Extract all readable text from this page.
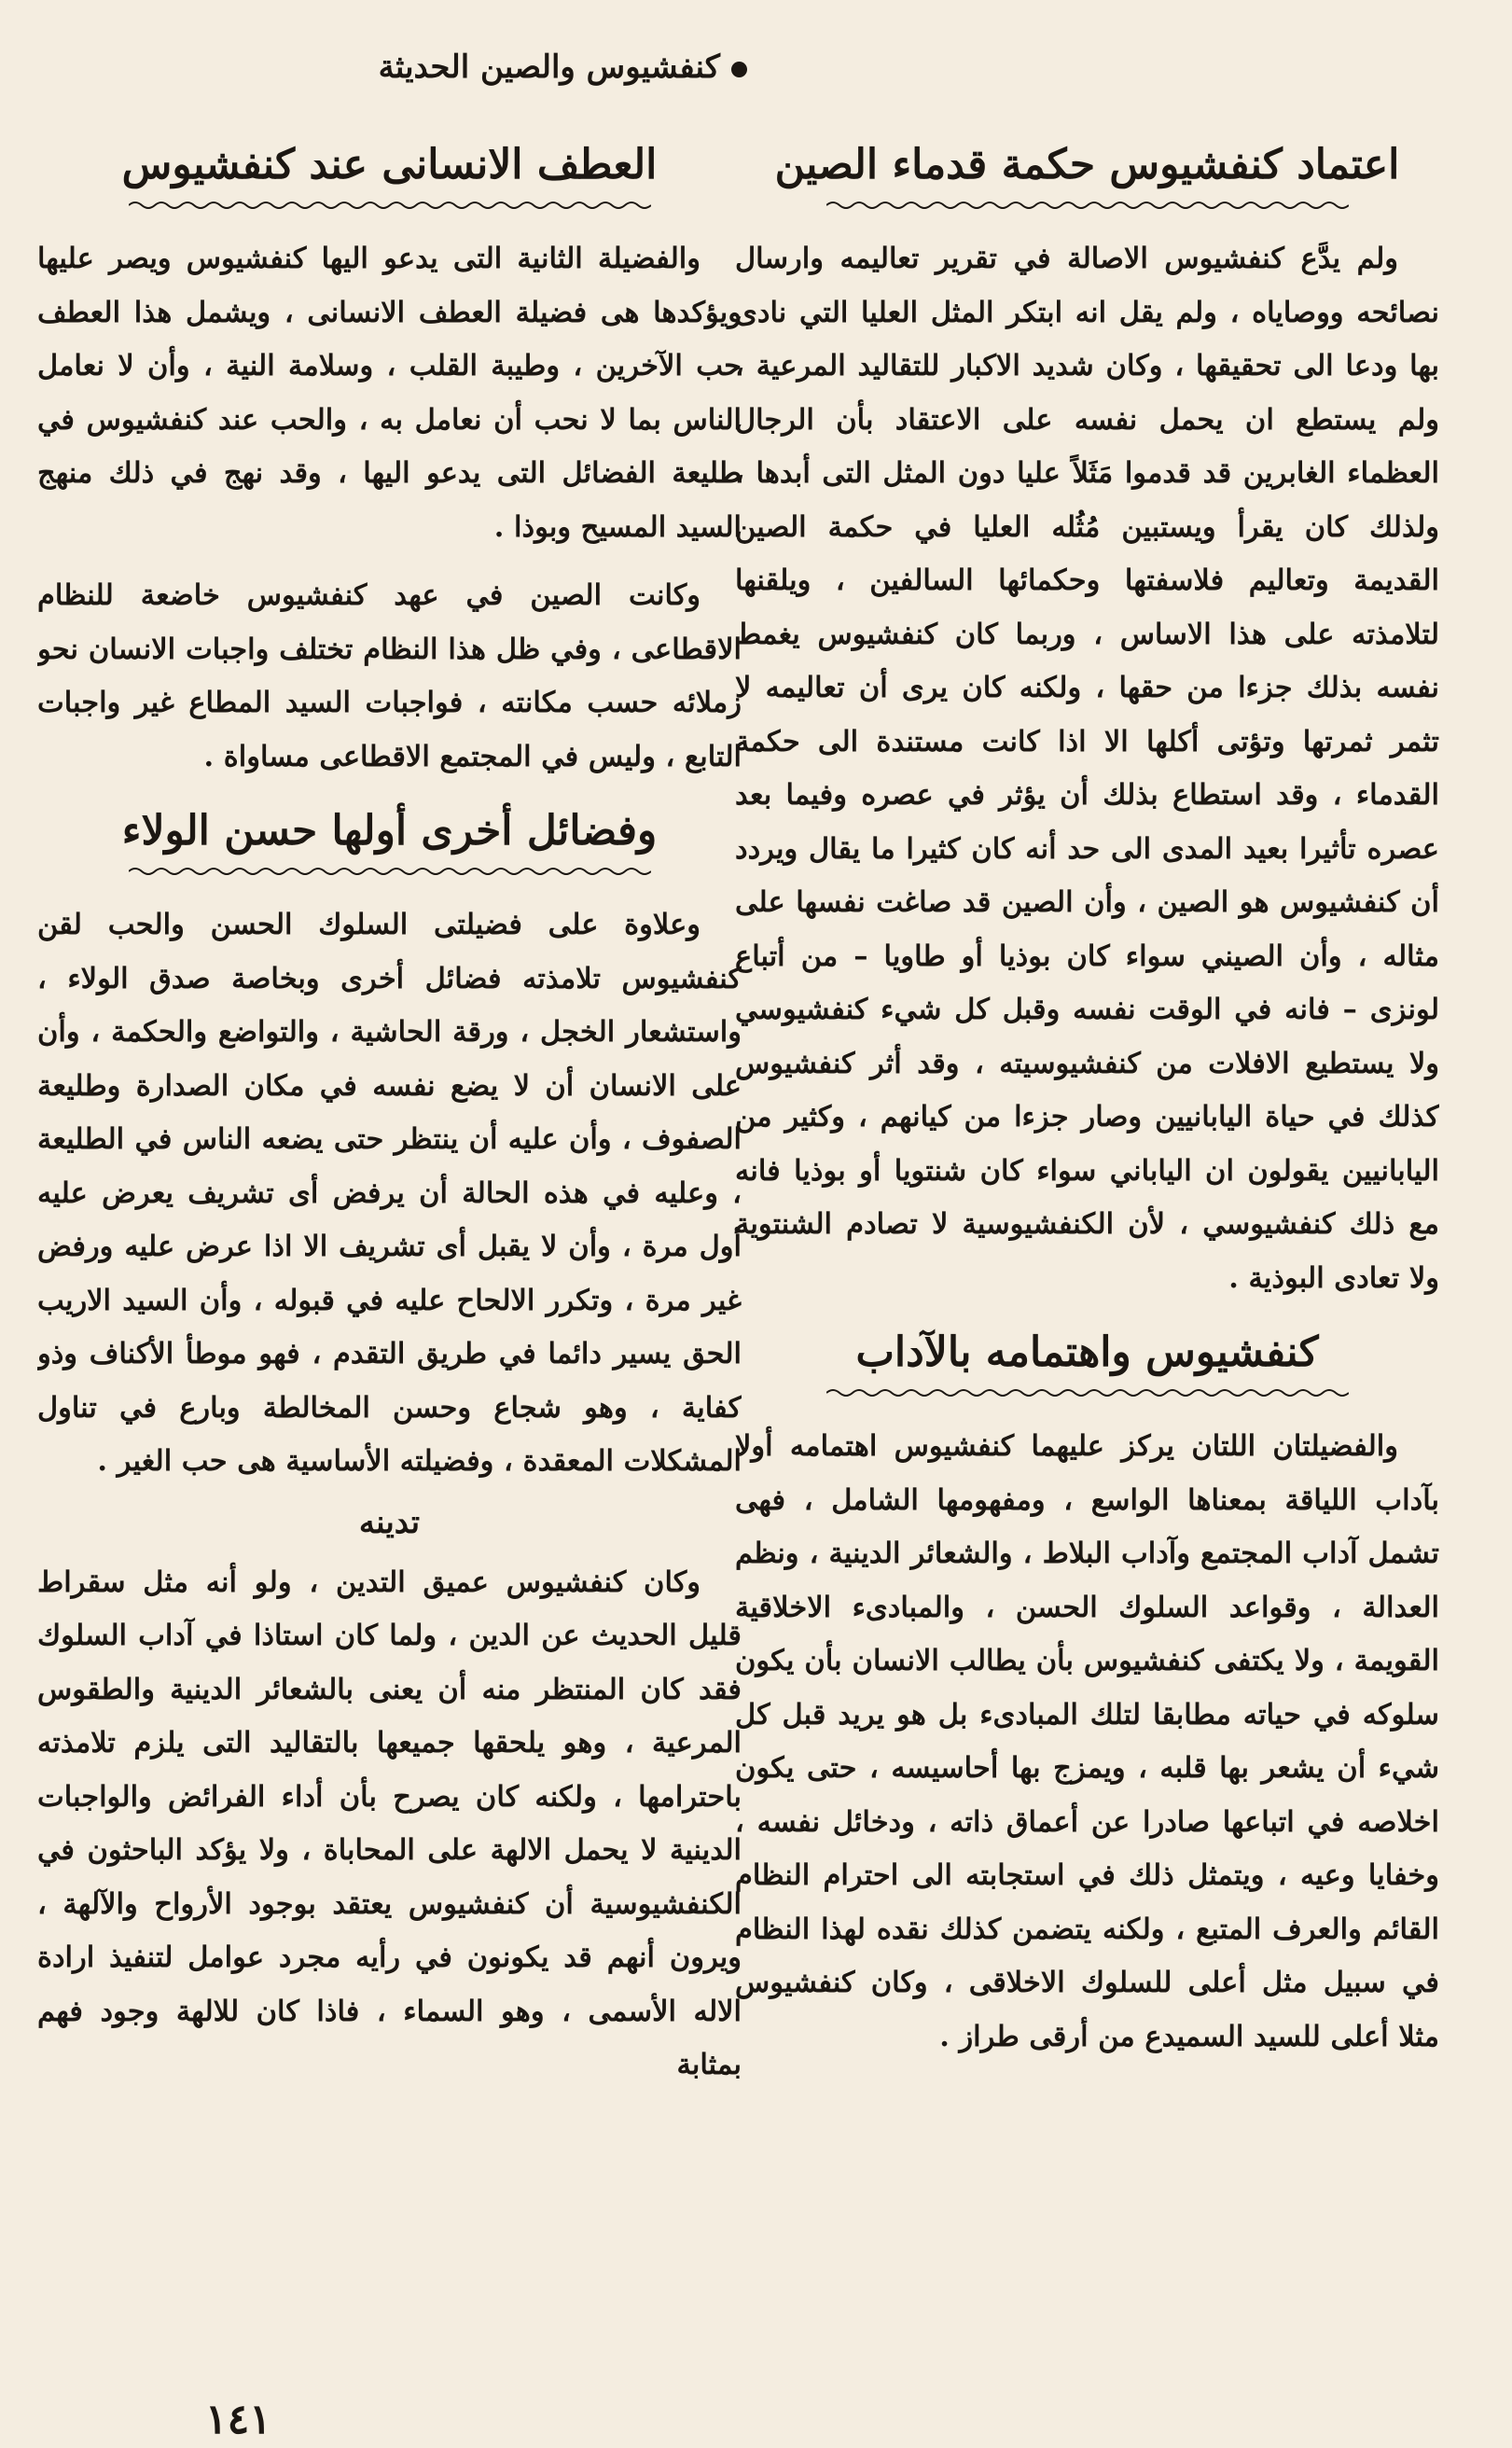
كنفشيوس والصين الحديثة
اعتماد كنفشيوس حكمة قدماء الصين

ولم يدَّع كنفشيوس الاصالة في تقرير تعاليمه وارسال نصائحه ووصاياه ، ولم يقل انه ابتكر المثل العليا التي نادى بها ودعا الى تحقيقها ، وكان شديد الاكبار للتقاليد المرعية ، ولم يستطع ان يحمل نفسه على الاعتقاد بأن الرجال العظماء الغابرين قد قدموا مَثَلاً عليا دون المثل التى أبدها ، ولذلك كان يقرأ ويستبين مُثُله العليا في حكمة الصين القديمة وتعاليم فلاسفتها وحكمائها السالفين ، ويلقنها لتلامذته على هذا الاساس ، وربما كان كنفشيوس يغمط نفسه بذلك جزءا من حقها ، ولكنه كان يرى أن تعاليمه لا تثمر ثمرتها وتؤتى أكلها الا اذا كانت مستندة الى حكمة القدماء ، وقد استطاع بذلك أن يؤثر في عصره وفيما بعد عصره تأثيرا بعيد المدى الى حد أنه كان كثيرا ما يقال ويردد أن كنفشيوس هو الصين ، وأن الصين قد صاغت نفسها على مثاله ، وأن الصيني سواء كان بوذيا أو طاويا – من أتباع لونزى – فانه في الوقت نفسه وقبل كل شيء كنفشيوسي ولا يستطيع الافلات من كنفشيوسيته ، وقد أثر كنفشيوس كذلك في حياة اليابانيين وصار جزءا من كيانهم ، وكثير من اليابانيين يقولون ان الياباني سواء كان شنتويا أو بوذيا فانه مع ذلك كنفشيوسي ، لأن الكنفشيوسية لا تصادم الشنتوية ولا تعادى البوذية .

كنفشيوس واهتمامه بالآداب

والفضيلتان اللتان يركز عليهما كنفشيوس اهتمامه أولا بآداب اللياقة بمعناها الواسع ، ومفهومها الشامل ، فهى تشمل آداب المجتمع وآداب البلاط ، والشعائر الدينية ، ونظم العدالة ، وقواعد السلوك الحسن ، والمبادىء الاخلاقية القويمة ، ولا يكتفى كنفشيوس بأن يطالب الانسان بأن يكون سلوكه في حياته مطابقا لتلك المبادىء بل هو يريد قبل كل شيء أن يشعر بها قلبه ، ويمزج بها أحاسيسه ، حتى يكون اخلاصه في اتباعها صادرا عن أعماق ذاته ، ودخائل نفسه ، وخفايا وعيه ، ويتمثل ذلك في استجابته الى احترام النظام القائم والعرف المتبع ، ولكنه يتضمن كذلك نقده لهذا النظام في سبيل مثل أعلى للسلوك الاخلاقى ، وكان كنفشيوس مثلا أعلى للسيد السميدع من أرقى طراز .

العطف الانسانى عند كنفشيوس

والفضيلة الثانية التى يدعو اليها كنفشيوس ويصر عليها ويؤكدها هى فضيلة العطف الانسانى ، ويشمل هذا العطف حب الآخرين ، وطيبة القلب ، وسلامة النية ، وأن لا نعامل الناس بما لا نحب أن نعامل به ، والحب عند كنفشيوس في طليعة الفضائل التى يدعو اليها ، وقد نهج في ذلك منهج السيد المسيح وبوذا .

وكانت الصين في عهد كنفشيوس خاضعة للنظام الاقطاعى ، وفي ظل هذا النظام تختلف واجبات الانسان نحو زملائه حسب مكانته ، فواجبات السيد المطاع غير واجبات التابع ، وليس في المجتمع الاقطاعى مساواة .

وفضائل أخرى أولها حسن الولاء

وعلاوة على فضيلتى السلوك الحسن والحب لقن كنفشيوس تلامذته فضائل أخرى وبخاصة صدق الولاء ، واستشعار الخجل ، ورقة الحاشية ، والتواضع والحكمة ، وأن على الانسان أن لا يضع نفسه في مكان الصدارة وطليعة الصفوف ، وأن عليه أن ينتظر حتى يضعه الناس في الطليعة ، وعليه في هذه الحالة أن يرفض أى تشريف يعرض عليه أول مرة ، وأن لا يقبل أى تشريف الا اذا عرض عليه ورفض غير مرة ، وتكرر الالحاح عليه في قبوله ، وأن السيد الاريب الحق يسير دائما في طريق التقدم ، فهو موطأ الأكناف وذو كفاية ، وهو شجاع وحسن المخالطة وبارع في تناول المشكلات المعقدة ، وفضيلته الأساسية هى حب الغير .

تدينه

وكان كنفشيوس عميق التدين ، ولو أنه مثل سقراط قليل الحديث عن الدين ، ولما كان استاذا في آداب السلوك فقد كان المنتظر منه أن يعنى بالشعائر الدينية والطقوس المرعية ، وهو يلحقها جميعها بالتقاليد التى يلزم تلامذته باحترامها ، ولكنه كان يصرح بأن أداء الفرائض والواجبات الدينية لا يحمل الالهة على المحاباة ، ولا يؤكد الباحثون في الكنفشيوسية أن كنفشيوس يعتقد بوجود الأرواح والآلهة ، ويرون أنهم قد يكونون في رأيه مجرد عوامل لتنفيذ ارادة الاله الأسمى ، وهو السماء ، فاذا كان للالهة وجود فهم بمثابة

١٤١
